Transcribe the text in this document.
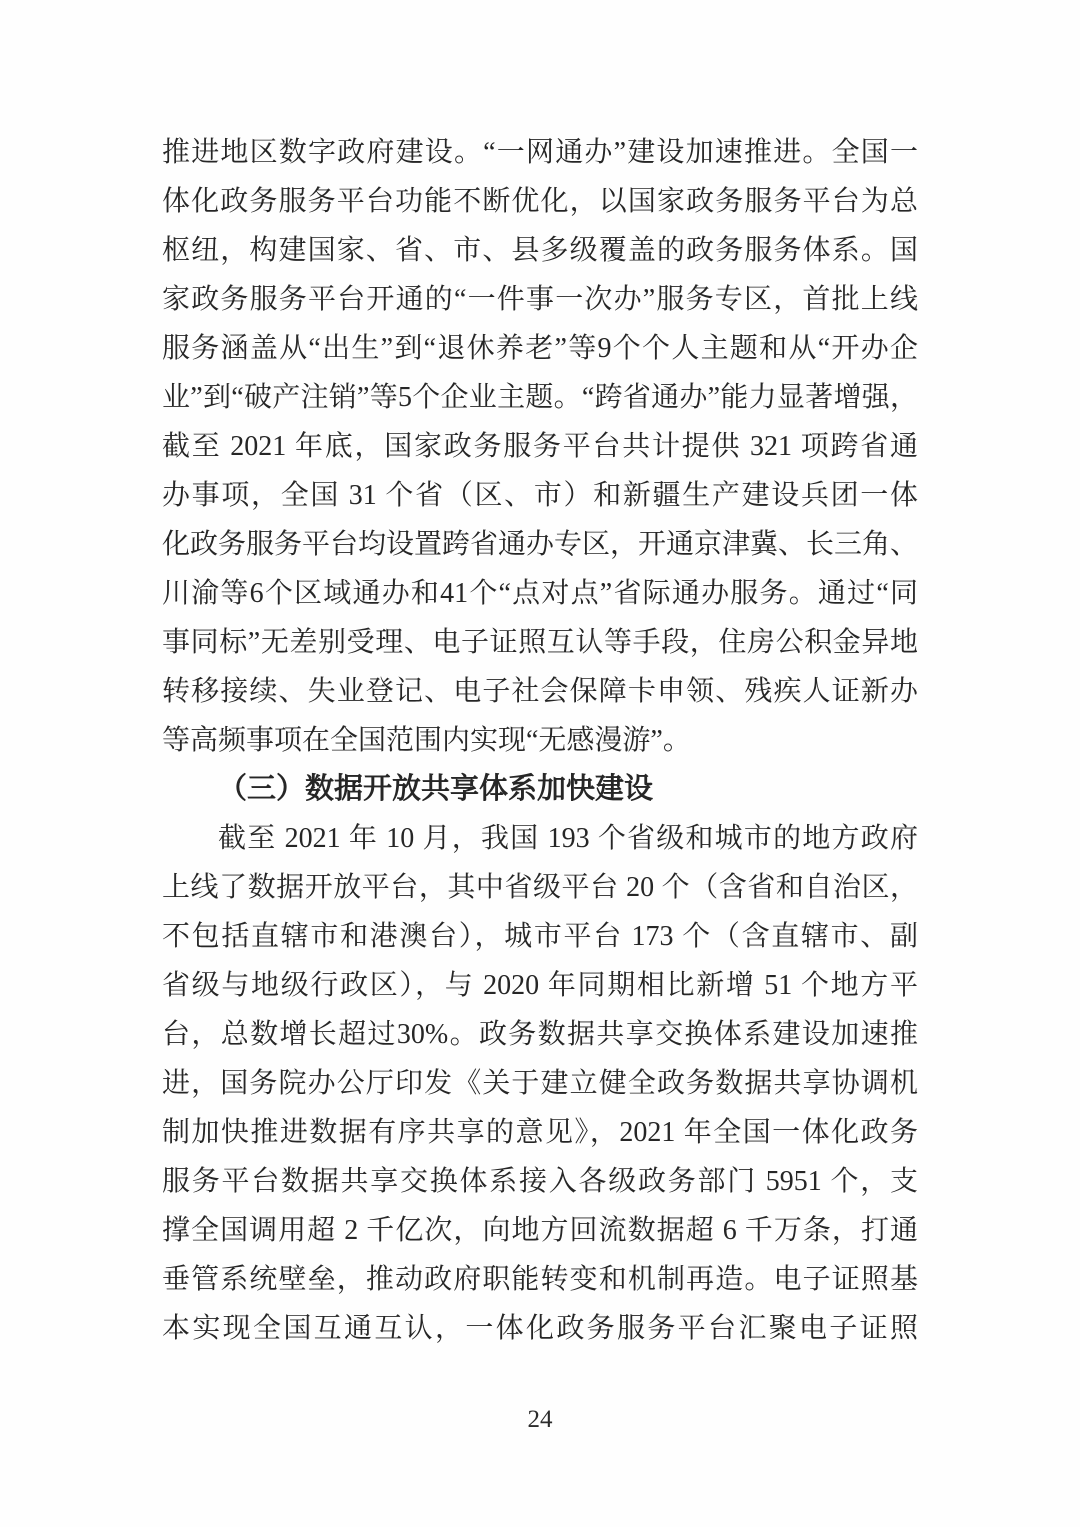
推进地区数字政府建设。“一网通办”建设加速推进。全国一
体化政务服务平台功能不断优化，以国家政务服务平台为总
枢纽，构建国家、省、市、县多级覆盖的政务服务体系。国
家政务服务平台开通的“一件事一次办”服务专区，首批上线
服务涵盖从“出生”到“退休养老”等9个个人主题和从“开办企
业”到“破产注销”等5个企业主题。“跨省通办”能力显著增强，
截至 2021 年底，国家政务服务平台共计提供 321 项跨省通
办事项，全国 31 个省（区、市）和新疆生产建设兵团一体
化政务服务平台均设置跨省通办专区，开通京津冀、长三角、
川渝等6个区域通办和41个“点对点”省际通办服务。通过“同
事同标”无差别受理、电子证照互认等手段，住房公积金异地
转移接续、失业登记、电子社会保障卡申领、残疾人证新办
等高频事项在全国范围内实现“无感漫游”。
（三）数据开放共享体系加快建设
截至 2021 年 10 月，我国 193 个省级和城市的地方政府
上线了数据开放平台，其中省级平台 20 个（含省和自治区，
不包括直辖市和港澳台），城市平台 173 个（含直辖市、副
省级与地级行政区），与 2020 年同期相比新增 51 个地方平
台，总数增长超过30%。政务数据共享交换体系建设加速推
进，国务院办公厅印发《关于建立健全政务数据共享协调机
制加快推进数据有序共享的意见》，2021 年全国一体化政务
服务平台数据共享交换体系接入各级政务部门 5951 个，支
撑全国调用超 2 千亿次，向地方回流数据超 6 千万条，打通
垂管系统壁垒，推动政府职能转变和机制再造。电子证照基
本实现全国互通互认，一体化政务服务平台汇聚电子证照
24
